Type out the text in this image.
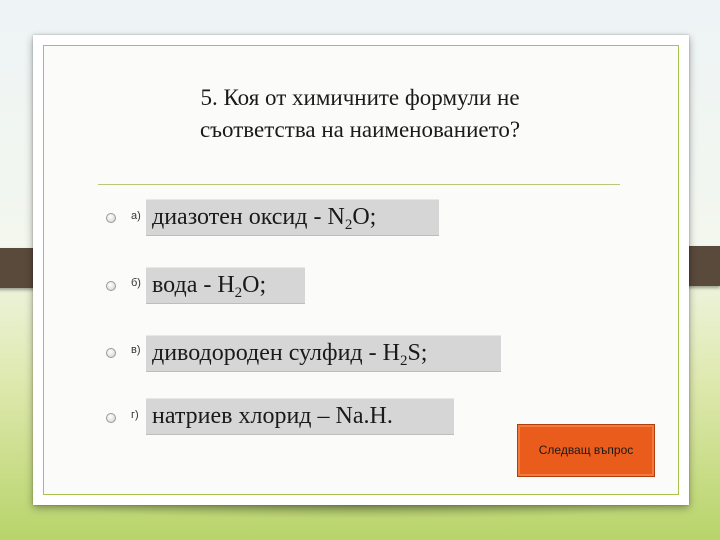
5. Коя от химичните формули не
съответства на наименованието?
а) диазотен оксид - $N_2O$;
б) вода - $H_2O$;
в) диводороден сулфид - $H_2S$;
г) натриев хлорид – Na.H.
Следващ въпрос
